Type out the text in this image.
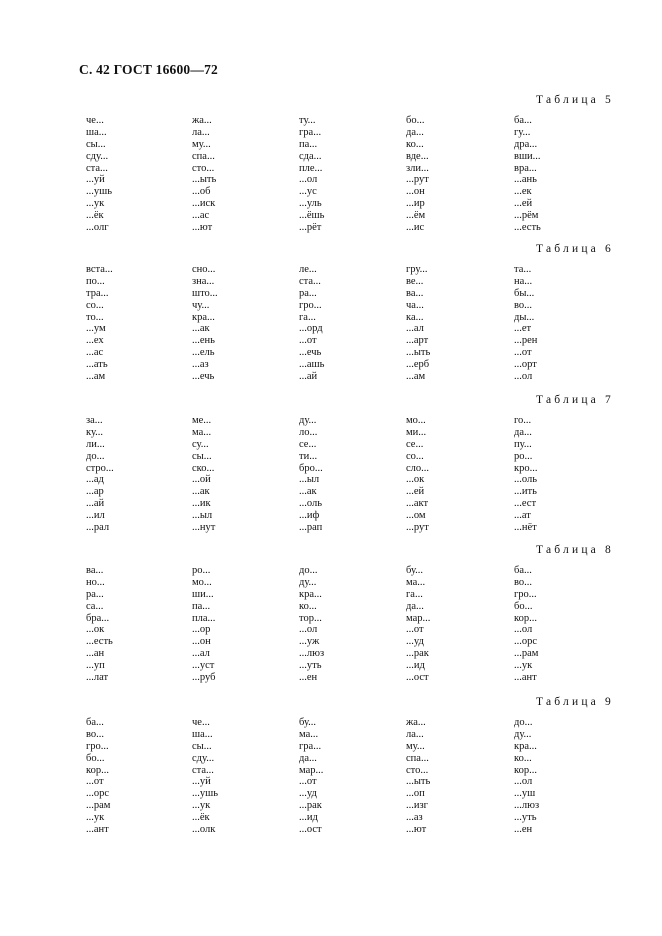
С. 42 ГОСТ 16600—72
Таблица 5
че...
ша...
сы...
сду...
ста...
...уй
...ушь
...ук
...ёк
...олг
жа...
ла...
му...
спа...
сто...
...ыть
...об
...иск
...ас
...ют
ту...
гра...
па...
сда...
пле...
...ол
...ус
...уль
...ёшь
...рёт
бо...
да...
ко...
вде...
зли...
...рут
...он
...ир
...ём
...ис
ба...
гу...
дра...
вши...
вра...
...ань
...ек
...ей
...рём
...есть
Таблица 6
вста...
по...
тра...
со...
то...
...ум
...ех
...ас
...ать
...ам
сно...
зна...
што...
чу...
кра...
...ак
...ень
...ель
...аз
...ечь
ле...
ста...
ра...
гро...
га...
...орд
...от
...ечь
...ашь
...ай
гру...
ве...
ва...
ча...
ка...
...ал
...арт
...ыть
...ерб
...ам
та...
на...
бы...
во...
ды...
...ет
...рен
...от
...орт
...ол
Таблица 7
за...
ку...
ли...
до...
стро...
...ад
...ар
...ай
...ил
...рал
ме...
ма...
су...
сы...
ско...
...ой
...ак
...ик
...ыл
...нут
ду...
ло...
се...
ти...
бро...
...ыл
...ак
...оль
...иф
...рап
мо...
ми...
се...
со...
сло...
...ок
...ей
...акт
...ом
...рут
го...
да...
пу...
ро...
кро...
...оль
...ить
...ест
...ат
...нёт
Таблица 8
ва...
но...
ра...
са...
бра...
...ок
...есть
...ан
...уп
...лат
ро...
мо...
ши...
па...
пла...
...ор
...он
...ал
...уст
...руб
до...
ду...
кра...
ко...
тор...
...ол
...уж
...люз
...уть
...ен
бу...
ма...
га...
да...
мар...
...от
...уд
...рак
...ид
...ост
ба...
во...
гро...
бо...
кор...
...ол
...орс
...рам
...ук
...ант
Таблица 9
ба...
во...
гро...
бо...
кор...
...от
...орс
...рам
...ук
...ант
че...
ша...
сы...
сду...
ста...
...уй
...ушь
...ук
...ёк
...олк
бу...
ма...
гра...
да...
мар...
...от
...уд
...рак
...ид
...ост
жа...
ла...
му...
спа...
сто...
...ыть
...оп
...изг
...аз
...ют
до...
ду...
кра...
ко...
кор...
...ол
...уш
...люз
...уть
...ен
